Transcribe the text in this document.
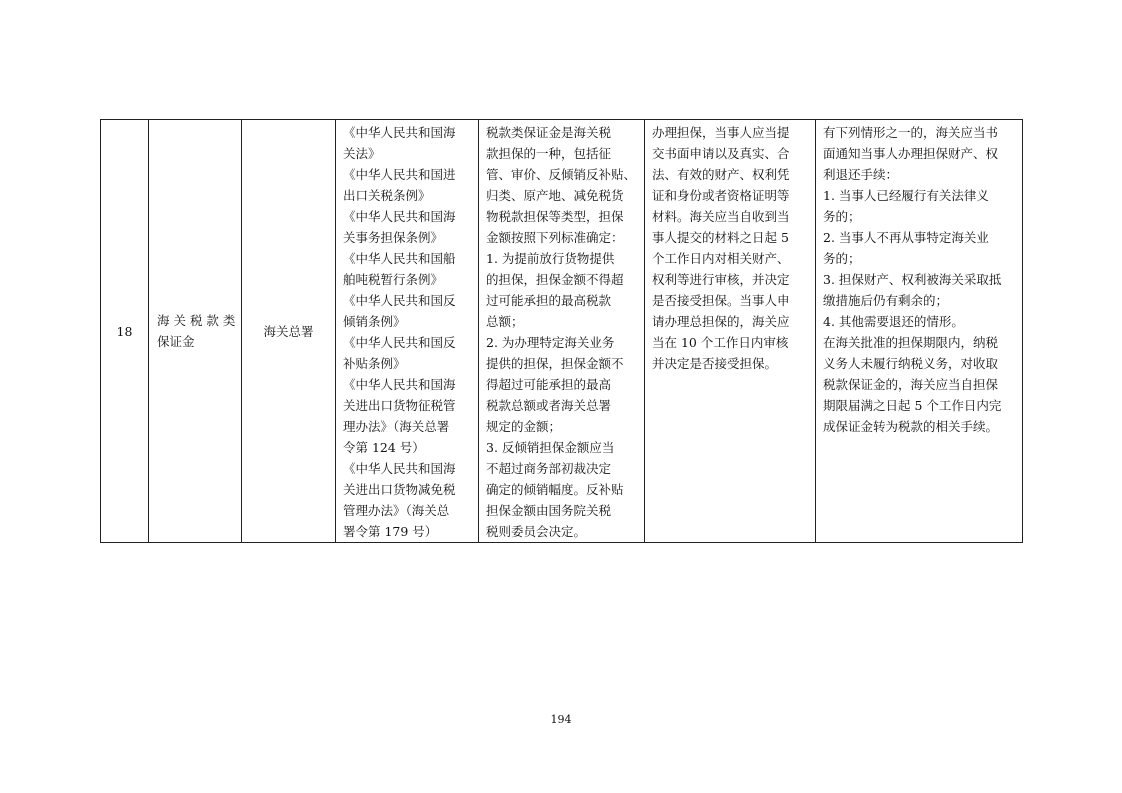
18

海 关 税 款 类
保证金

海关总署

《中华人民共和国海
关法》
《中华人民共和国进
出口关税条例》
《中华人民共和国海
关事务担保条例》
《中华人民共和国船
舶吨税暂行条例》
《中华人民共和国反
倾销条例》
《中华人民共和国反
补贴条例》
《中华人民共和国海
关进出口货物征税管
理办法》（海关总署
令第 124 号）
《中华人民共和国海
关进出口货物减免税
管理办法》（海关总
署令第 179 号）

税款类保证金是海关税
款担保的一种，包括征
管、审价、反倾销反补贴、
归类、原产地、减免税货
物税款担保等类型，担保
金额按照下列标准确定：
1. 为提前放行货物提供
的担保，担保金额不得超
过可能承担的最高税款
总额；
2. 为办理特定海关业务
提供的担保，担保金额不
得超过可能承担的最高
税款总额或者海关总署
规定的金额；
3. 反倾销担保金额应当
不超过商务部初裁决定
确定的倾销幅度。反补贴
担保金额由国务院关税
税则委员会决定。

办理担保，当事人应当提
交书面申请以及真实、合
法、有效的财产、权利凭
证和身份或者资格证明等
材料。海关应当自收到当
事人提交的材料之日起 5
个工作日内对相关财产、
权利等进行审核，并决定
是否接受担保。当事人申
请办理总担保的，海关应
当在 10 个工作日内审核
并决定是否接受担保。

有下列情形之一的，海关应当书
面通知当事人办理担保财产、权
利退还手续：
1. 当事人已经履行有关法律义
务的；
2. 当事人不再从事特定海关业
务的；
3. 担保财产、权利被海关采取抵
缴措施后仍有剩余的；
4. 其他需要退还的情形。
在海关批准的担保期限内，纳税
义务人未履行纳税义务，对收取
税款保证金的，海关应当自担保
期限届满之日起 5 个工作日内完
成保证金转为税款的相关手续。
194
